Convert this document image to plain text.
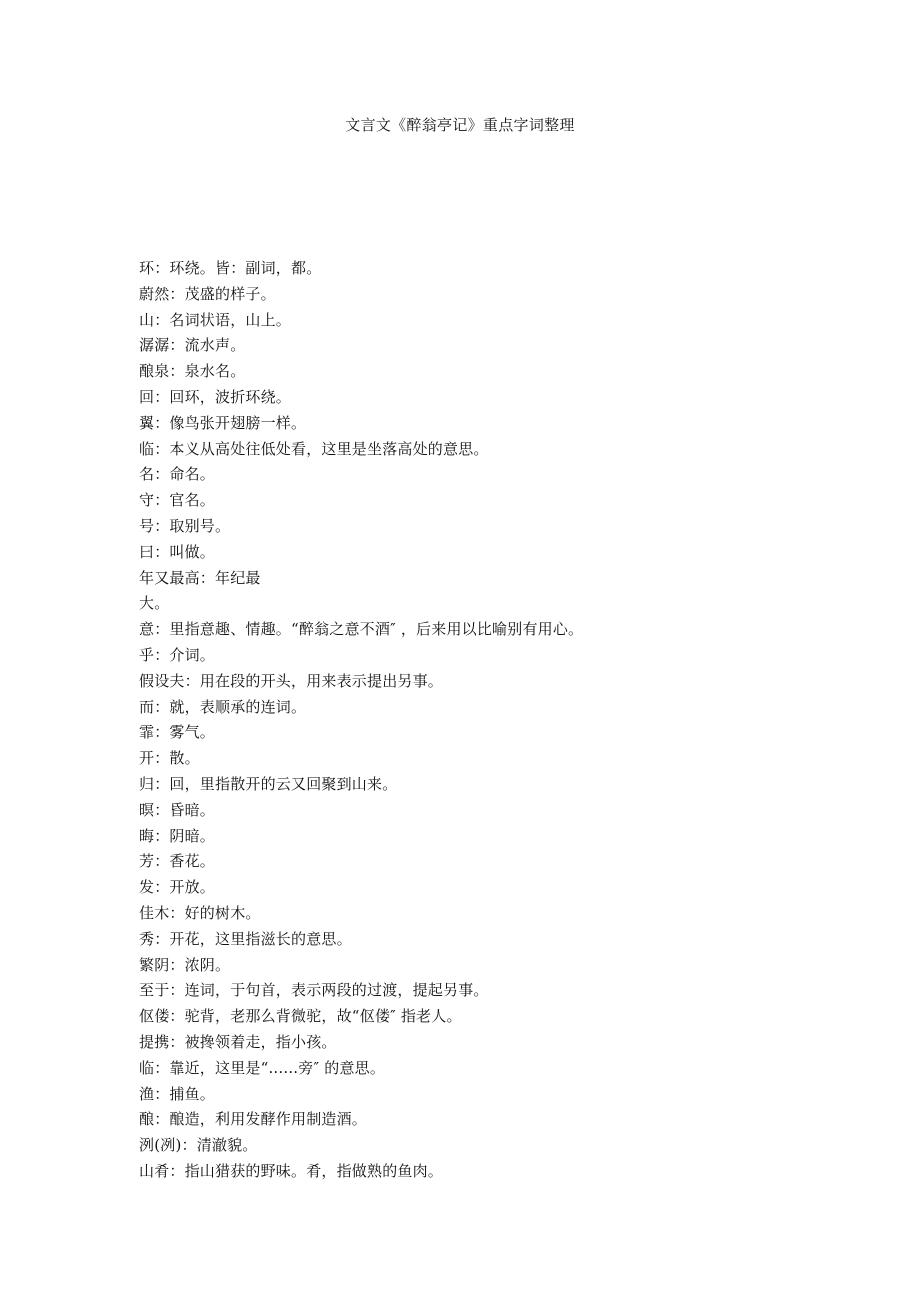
文言文《醉翁亭记》重点字词整理
环：环绕。皆：副词，都。
蔚然：茂盛的样子。
山：名词状语，山上。
潺潺：流水声。
酿泉：泉水名。
回：回环，波折环绕。
翼：像鸟张开翅膀一样。
临：本义从高处往低处看，这里是坐落高处的意思。
名：命名。
守：官名。
号：取别号。
曰：叫做。
年又最高：年纪最
大。
意：里指意趣、情趣。“醉翁之意不酒″ ，后来用以比喻别有用心。
乎：介词。
假设夫：用在段的开头，用来表示提出另事。
而：就，表顺承的连词。
霏：雾气。
开：散。
归：回，里指散开的云又回聚到山来。
暝：昏暗。
晦：阴暗。
芳：香花。
发：开放。
佳木：好的树木。
秀：开花，这里指滋长的意思。
繁阴：浓阴。
至于：连词，于句首，表示两段的过渡，提起另事。
伛偻：驼背，老那么背微驼，故“伛偻″ 指老人。
提携：被搀领着走，指小孩。
临：靠近，这里是“......旁″ 的意思。
渔：捕鱼。
酿：酿造，利用发酵作用制造酒。
洌(冽)：清澈貌。
山肴：指山猎获的野味。肴，指做熟的鱼肉。
